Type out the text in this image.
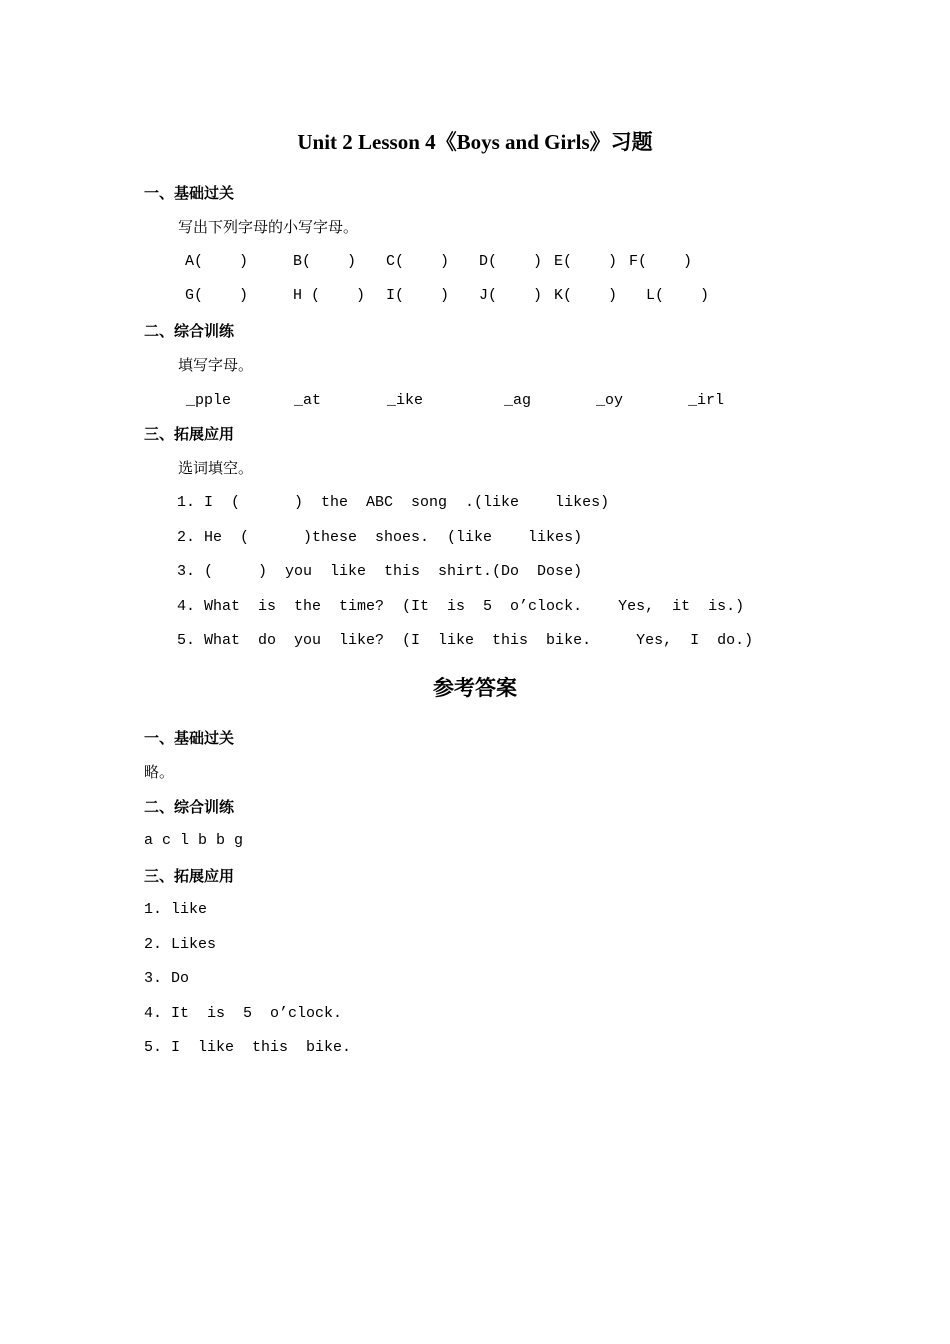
Unit 2 Lesson 4《Boys and Girls》习题
一、基础过关
写出下列字母的小写字母。
A(    )	B(    ) C(    ) D(    ) E(    ) F(    )
G(    )	H (    ) I(    ) J(    ) K(    ) L(    )
二、综合训练
填写字母。
_pple	_at	_ike	_ag	_oy	_irl
三、拓展应用
选词填空。
1. I  (      )  the  ABC  song  .(like    likes)
2. He  (      )these  shoes.  (like    likes)
3. (     )  you  like  this  shirt.(Do  Dose)
4. What  is  the  time?  (It  is  5  o’clock.    Yes,  it  is.)
5. What  do  you  like?  (I  like  this  bike.     Yes,  I  do.)
参考答案
一、基础过关
略。
二、综合训练
a c l b b g
三、拓展应用
1. like
2. Likes
3. Do
4. It  is  5  o’clock.
5. I  like  this  bike.
